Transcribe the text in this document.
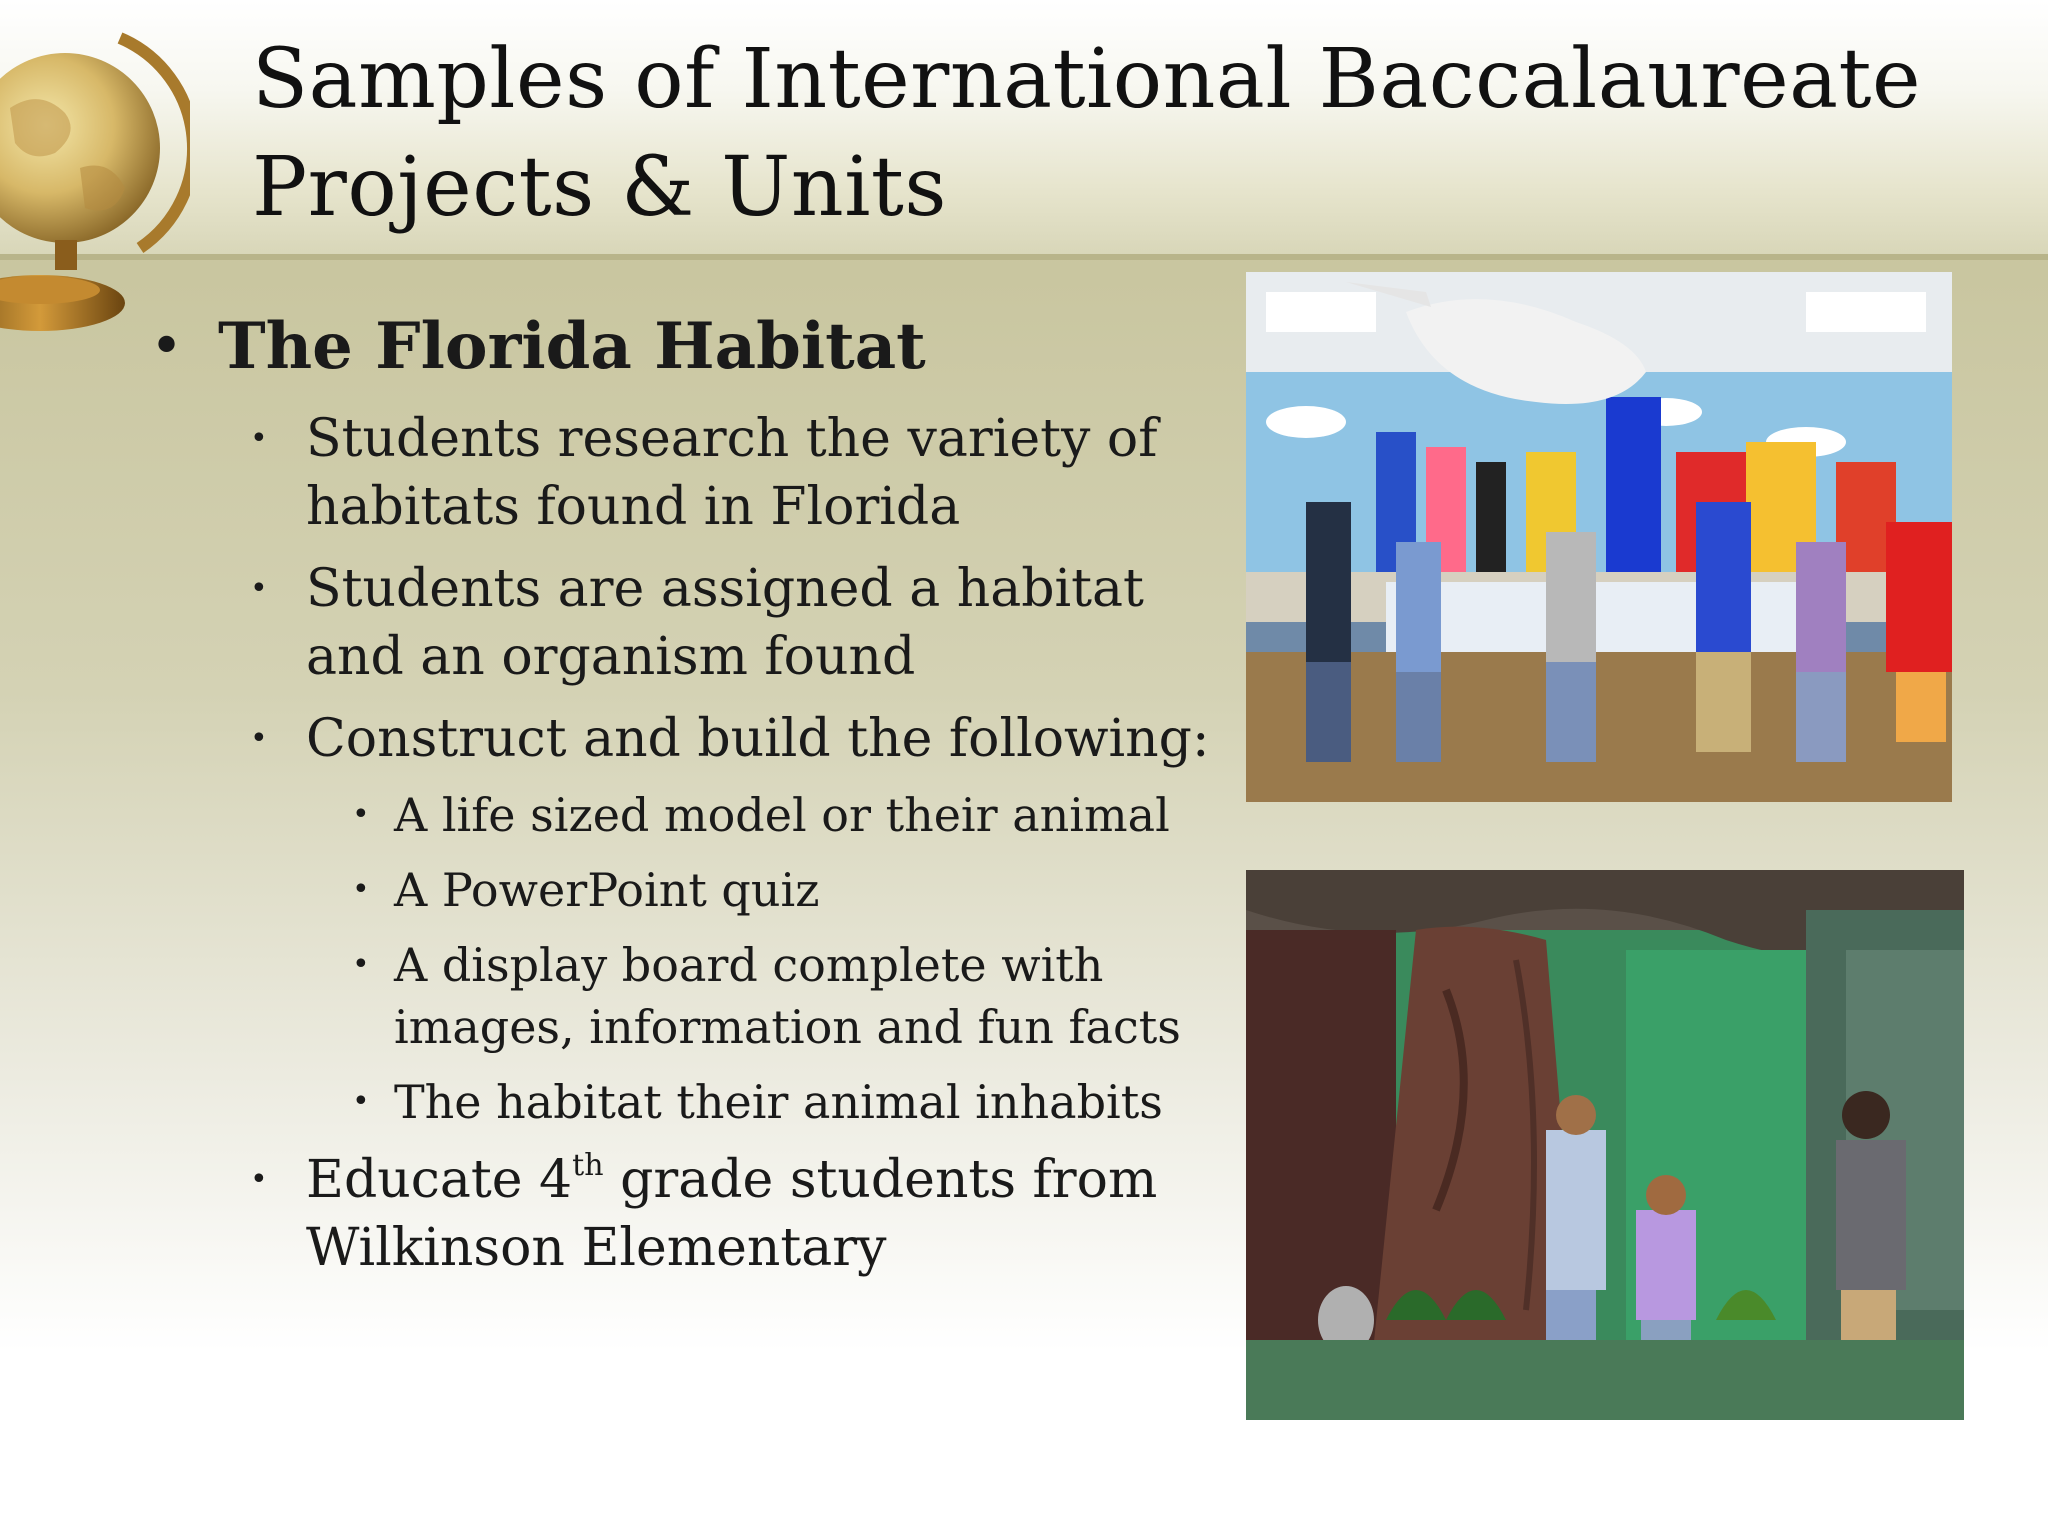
Samples of International Baccalaureate Projects & Units
• The Florida Habitat
• Students research the variety of habitats found in Florida
• Students are assigned a habitat and an organism found
• Construct and build the following:
• A life sized model or their animal
• A PowerPoint quiz
• A display board complete with images, information and fun facts
• The habitat their animal inhabits
• Educate 4th grade students from Wilkinson Elementary
